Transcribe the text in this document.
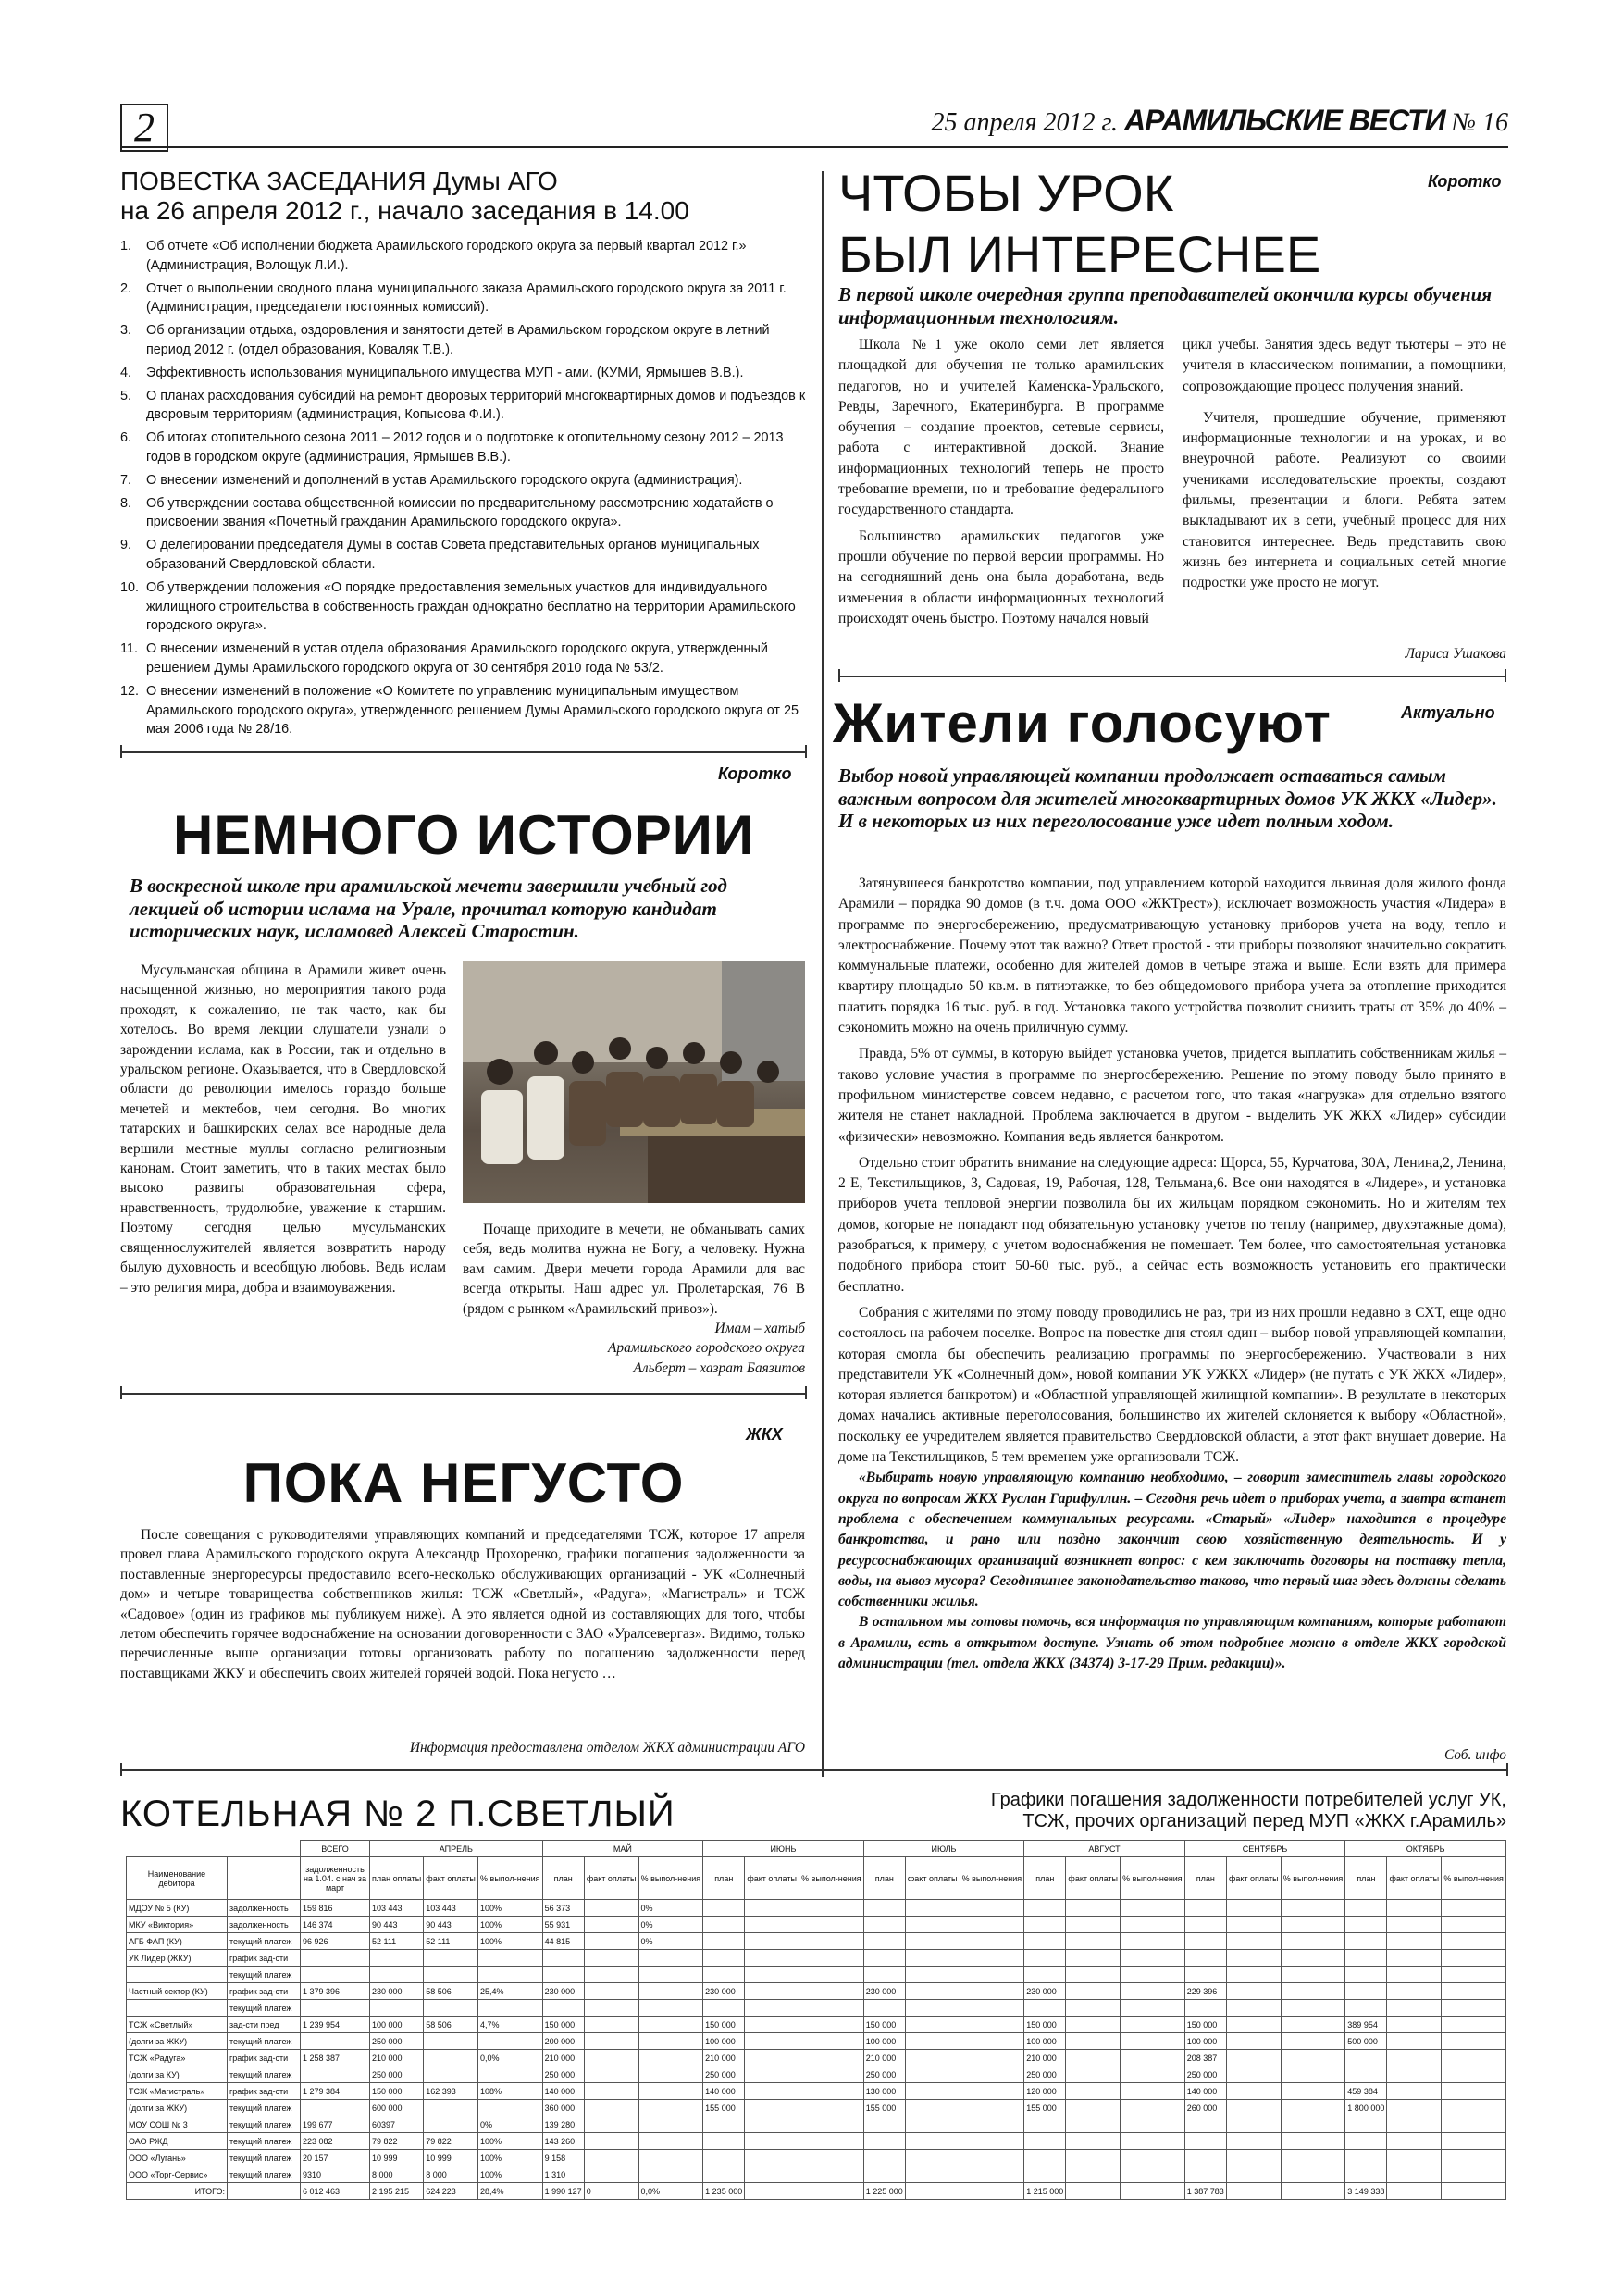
2	25 апреля 2012 г. АРАМИЛЬСКИЕ ВЕСТИ № 16
ПОВЕСТКА ЗАСЕДАНИЯ Думы АГО
на 26 апреля 2012 г., начало заседания в 14.00
1.	Об отчете «Об исполнении бюджета Арамильского городского округа за первый квартал 2012 г.» (Администрация, Волощук Л.И.).
2.	Отчет о выполнении сводного плана муниципального заказа Арамильского городского округа за 2011 г. (Администрация, председатели постоянных комиссий).
3.	Об организации отдыха, оздоровления и занятости детей в Арамильском городском округе в летний период 2012 г. (отдел образования, Коваляк Т.В.).
4.	Эффективность использования муниципального имущества МУП - ами. (КУМИ, Ярмышев В.В.).
5.	О планах расходования субсидий на ремонт дворовых территорий многоквартирных домов и подъездов к дворовым территориям (администрация, Копысова Ф.И.).
6.	Об итогах отопительного сезона 2011 – 2012 годов и о подготовке к отопительному сезону 2012 – 2013 годов в городском округе (администрация, Ярмышев В.В.).
7.	О внесении изменений и дополнений в устав Арамильского городского округа (администрация).
8.	Об утверждении состава общественной комиссии по предварительному рассмотрению ходатайств о присвоении звания «Почетный гражданин Арамильского городского округа».
9.	О делегировании председателя Думы в состав Совета представительных органов муниципальных образований Свердловской области.
10. Об утверждении положения «О порядке предоставления земельных участков для индивидуального жилищного строительства в собственность граждан однократно бесплатно на территории Арамильского городского округа».
11. О внесении изменений в устав отдела образования Арамильского городского округа, утвержденный решением Думы Арамильского городского округа от 30 сентября 2010 года № 53/2.
12. О внесении изменений в положение «О Комитете по управлению муниципальным имуществом Арамильского городского округа», утвержденного решением Думы Арамильского городского округа от 25 мая 2006 года № 28/16.
Коротко
НЕМНОГО ИСТОРИИ
В воскресной школе при арамильской мечети завершили учебный год лекцией об истории ислама на Урале, прочитал которую кандидат исторических наук, исламовед Алексей Старостин.
Мусульманская община в Арамили живет очень насыщенной жизнью, но мероприятия такого рода проходят, к сожалению, не так часто, как бы хотелось. Во время лекции слушатели узнали о зарождении ислама, как в России, так и отдельно в уральском регионе. Оказывается, что в Свердловской области до революции имелось гораздо больше мечетей и мектебов, чем сегодня. Во многих татарских и башкирских селах все народные дела вершили местные муллы согласно религиозным канонам. Стоит заметить, что в таких местах было высоко развиты образовательная сфера, нравственность, трудолюбие, уважение к старшим. Поэтому сегодня целью мусульманских священнослужителей является возвратить народу былую духовность и всеобщую любовь. Ведь ислам – это религия мира, добра и взаимоуважения.
Почаще приходите в мечети, не обманывать самих себя, ведь молитва нужна не Богу, а человеку. Нужна вам самим. Двери мечети города Арамили для вас всегда открыты. Наш адрес ул. Пролетарская, 76 В (рядом с рынком «Арамильский привоз»).
Имам – хатыб
Арамильского городского округа
Альберт – хазрат Баязитов
ЖКХ
ПОКА НЕГУСТО
После совещания с руководителями управляющих компаний и председателями ТСЖ, которое 17 апреля провел глава Арамильского городского округа Александр Прохоренко, графики погашения задолженности за поставленные энергоресурсы предоставило всего-несколько обслуживающих организаций - УК «Солнечный дом» и четыре товарищества собственников жилья: ТСЖ «Светлый», «Радуга», «Магистраль» и ТСЖ «Садовое» (один из графиков мы публикуем ниже). А это является одной из составляющих для того, чтобы летом обеспечить горячее водоснабжение на основании договоренности с ЗАО «Уралсевергаз». Видимо, только перечисленные выше организации готовы организовать работу по погашению задолженности перед поставщиками ЖКУ и обеспечить своих жителей горячей водой. Пока негусто …
Информация предоставлена отделом ЖКХ администрации АГО
Коротко
ЧТОБЫ УРОК
БЫЛ ИНТЕРЕСНЕЕ
В первой школе очередная группа преподавателей окончила курсы обучения информационным технологиям.

Школа №1 уже около семи лет является площадкой для обучения не только арамильских педагогов, но и учителей Каменска-Уральского, Ревды, Заречного, Екатеринбурга. В программе обучения – создание проектов, сетевые сервисы, работа с интерактивной доской. Знание информационных технологий теперь не просто требование времени, но и требование федерального государственного стандарта.

Большинство арамильских педагогов уже прошли обучение по первой версии программы. Но на сегодняшний день она была доработана, ведь изменения в области информационных технологий происходят очень быстро. Поэтому начался новый

цикл учебы. Занятия здесь ведут тьютеры – это не учителя в классическом понимании, а помощники, сопровождающие процесс получения знаний.

Учителя, прошедшие обучение, применяют информационные технологии и на уроках, и во внеурочной работе. Реализуют со своими учениками исследовательские проекты, создают фильмы, презентации и блоги. Ребята затем выкладывают их в сети, учебный процесс для них становится интереснее. Ведь представить свою жизнь без интернета и социальных сетей многие подростки уже просто не могут.

Лариса Ушакова
Актуально
Жители голосуют
Выбор новой управляющей компании продолжает оставаться самым важным вопросом для жителей многоквартирных домов УК ЖКХ «Лидер». И в некоторых из них переголосование уже идет полным ходом.

Затянувшееся банкротство компании, под управлением которой находится львиная доля жилого фонда Арамили – порядка 90 домов (в т.ч. дома ООО «ЖКТрест»), исключает возможность участия «Лидера» в программе по энергосбережению, предусматривающую установку приборов учета на воду, тепло и электроснабжение. Почему этот так важно? Ответ простой - эти приборы позволяют значительно сократить коммунальные платежи, особенно для жителей домов в четыре этажа и выше. Если взять для примера квартиру площадью 50 кв.м. в пятиэтажке, то без общедомового прибора учета за отопление приходится платить порядка 16 тыс. руб. в год. Установка такого устройства позволит снизить траты от 35% до 40% – сэкономить можно на очень приличную сумму.

Правда, 5% от суммы, в которую выйдет установка учетов, придется выплатить собственникам жилья – таково условие участия в программе по энергосбережению. Решение по этому поводу было принято в профильном министерстве совсем недавно, с расчетом того, что такая «нагрузка» для отдельно взятого жителя не станет накладной. Проблема заключается в другом - выделить УК ЖКХ «Лидер» субсидии «физически» невозможно. Компания ведь является банкротом.

Отдельно стоит обратить внимание на следующие адреса: Щорса, 55, Курчатова, 30А, Ленина,2, Ленина, 2 Е, Текстильщиков, 3, Садовая, 19, Рабочая, 128, Тельмана,6. Все они находятся в «Лидере», и установка приборов учета тепловой энергии позволила бы их жильцам порядком сэкономить. Но и жителям тех домов, которые не попадают под обязательную установку учетов по теплу (например, двухэтажные дома), разобраться, к примеру, с учетом водоснабжения не помешает. Тем более, что самостоятельная установка подобного прибора стоит 50-60 тыс. руб., а сейчас есть возможность установить его практически бесплатно.

Собрания с жителями по этому поводу проводились не раз, три из них прошли недавно в СХТ, еще одно состоялось на рабочем поселке. Вопрос на повестке дня стоял один – выбор новой управляющей компании, которая смогла бы обеспечить реализацию программы по энергосбережению. Участвовали в них представители УК «Солнечный дом», новой компании УК УЖКХ «Лидер» (не путать с УК ЖКХ «Лидер», которая является банкротом) и «Областной управляющей жилищной компании». В результате в некоторых домах начались активные переголосования, большинство их жителей склоняется к выбору «Областной», поскольку ее учредителем является правительство Свердловской области, а этот факт внушает доверие. На доме на Текстильщиков, 5 тем временем уже организовали ТСЖ.

«Выбирать новую управляющую компанию необходимо, – говорит заместитель главы городского округа по вопросам ЖКХ Руслан Гарифуллин. – Сегодня речь идет о приборах учета, а завтра встанет проблема с обеспечением коммунальных ресурсами. «Старый» «Лидер» находится в процедуре банкротства, и рано или поздно закончит свою хозяйственную деятельность. И у ресурсоснабжающих организаций возникнет вопрос: с кем заключать договоры на поставку тепла, воды, на вывоз мусора? Сегодняшнее законодательство таково, что первый шаг здесь должны сделать собственники жилья.

В остальном мы готовы помочь, вся информация по управляющим компаниям, которые работают в Арамили, есть в открытом доступе. Узнать об этом подробнее можно в отделе ЖКХ городской администрации (тел. отдела ЖКХ (34374) 3-17-29 Прим. редакции)».

Соб. инфо
КОТЕЛЬНАЯ № 2 П.СВЕТЛЫЙ	Графики погашения задолженности потребителей услуг УК,
ТСЖ, прочих организаций перед МУП «ЖКХ г.Арамиль»
		ВСЕГО	АПРЕЛЬ			МАЙ			ИЮНЬ			ИЮЛЬ			АВГУСТ			СЕНТЯБРЬ			ОКТЯБРЬ		
Наименование дебитора		задолженность на 1.04. с нач за март	план оплаты	факт оплаты	% выпол-нения	план	факт оплаты	% выпол-нения	план	факт оплаты	% выпол-нения	план	факт оплаты	% выпол-нения	план	факт оплаты	% выпол-нения	план	факт оплаты	% выпол-нения	план	факт оплаты	% выпол-нения
МДОУ № 5 (КУ)	задолженность	159 816	103 443	103 443	100%	56 373		0%															
МКУ «Виктория»	задолженность	146 374	90 443	90 443	100%	55 931		0%															
АГБ ФАП (КУ)	текущий платеж	96 926	52 111	52 111	100%	44 815		0%															
УК Лидер (ЖКУ)	график зад-сти																						
	текущий платеж																						
Частный сектор (КУ)	график зад-сти	1 379 396	230 000	58 506	25,4%	230 000			230 000			230 000			230 000			229 396					
	текущий платеж																						
ТСЖ «Светлый»	зад-сти пред	1 239 954	100 000	58 506	4,7%	150 000			150 000			150 000			150 000			150 000			389 954		
(долги за ЖКУ)	текущий платеж		250 000			200 000			100 000			100 000			100 000			100 000			500 000		
ТСЖ «Радуга»	график зад-сти	1 258 387	210 000		0,0%	210 000			210 000			210 000			210 000			208 387					
(долги за КУ)	текущий платеж		250 000			250 000			250 000			250 000			250 000			250 000					
ТСЖ «Магистраль»	график зад-сти	1 279 384	150 000	162 393	108%	140 000			140 000			130 000			120 000			140 000			459 384		
(долги за ЖКУ)	текущий платеж		600 000			360 000			155 000			155 000			155 000			260 000			1 800 000		
МОУ СОШ № 3	текущий платеж	199 677	60397		0%	139 280																	
ОАО РЖД	текущий платеж	223 082	79 822	79 822	100%	143 260																	
ООО «Лугань»	текущий платеж	20 157	10 999	10 999	100%	9 158																	
ООО «Торг-Сервис»	текущий платеж	9310	8 000	8 000	100%	1 310																	
ИТОГО:		6 012 463	2 195 215	624 223	28,4%	1 990 127	0	0,0%	1 235 000			1 225 000			1 215 000			1 387 783			3 149 338		
